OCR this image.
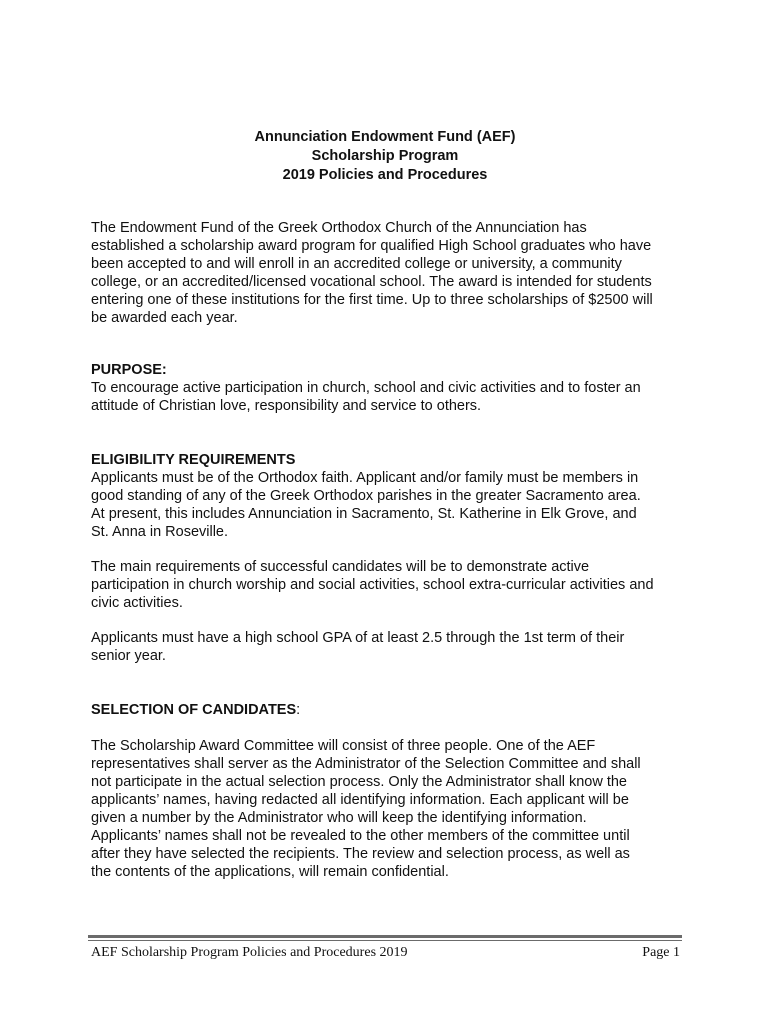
Annunciation Endowment Fund (AEF)
Scholarship Program
2019 Policies and Procedures
The Endowment Fund of the Greek Orthodox Church of the Annunciation has
established a scholarship award program for qualified High School graduates who have
been accepted to and will enroll in an accredited college or university, a community
college, or an accredited/licensed vocational school. The award is intended for students
entering one of these institutions for the first time. Up to three scholarships of $2500 will
be awarded each year.
PURPOSE:
To encourage active participation in church, school and civic activities and to foster an
attitude of Christian love, responsibility and service to others.
ELIGIBILITY REQUIREMENTS
Applicants must be of the Orthodox faith. Applicant and/or family must be members in
good standing of any of the Greek Orthodox parishes in the greater Sacramento area.
At present, this includes Annunciation in Sacramento, St. Katherine in Elk Grove, and
St. Anna in Roseville.
The main requirements of successful candidates will be to demonstrate active
participation in church worship and social activities, school extra-curricular activities and
civic activities.
Applicants must have a high school GPA of at least 2.5 through the 1st term of their
senior year.
SELECTION OF CANDIDATES:
The Scholarship Award Committee will consist of three people. One of the AEF
representatives shall server as the Administrator of the Selection Committee and shall
not participate in the actual selection process. Only the Administrator shall know the
applicants’ names, having redacted all identifying information. Each applicant will be
given a number by the Administrator who will keep the identifying information.
Applicants’ names shall not be revealed to the other members of the committee until
after they have selected the recipients. The review and selection process, as well as
the contents of the applications, will remain confidential.
AEF Scholarship Program Policies and Procedures 2019	Page 1
